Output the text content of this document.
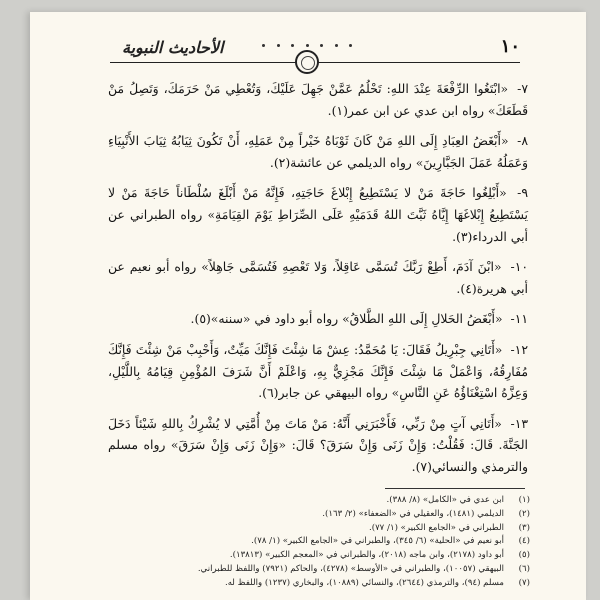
١٠
الأحاديث النبوية

٧- «ابْتَغُوا الرِّفْعَةَ عِنْدَ اللهِ: تَحْلُمُ عَمَّنْ جَهِلَ عَلَيْكَ، وَتُعْطِي مَنْ حَرَمَكَ، وَتَصِلُ مَنْ قَطَعَكَ» رواه ابن عدي عن ابن عمر(١).

٨- «أَبْغَضُ العِبَادِ إِلَى اللهِ مَنْ كَانَ ثَوْبَاهُ خَيْراً مِنْ عَمَلِهِ، أَنْ تَكُونَ ثِيَابُهُ ثِيَابَ الأَنْبِيَاءِ وَعَمَلُهُ عَمَلَ الجَبَّارِينَ» رواه الديلمي عن عائشة(٢).

٩- «أَبْلِغُوا حَاجَةَ مَنْ لا يَسْتَطِيعُ إِبْلاغَ حَاجَتِهِ، فَإِنَّهُ مَنْ أَبْلَغَ سُلْطَاناً حَاجَةَ مَنْ لا يَسْتَطِيعُ إِبْلاغَهَا إِيَّاهُ ثَبَّتَ اللهُ قَدَمَيْهِ عَلَى الصِّرَاطِ يَوْمَ القِيَامَةِ» رواه الطبراني عن أبي الدرداء(٣).

١٠- «ابْنَ آدَمَ، أَطِعْ رَبَّكَ تُسَمَّى عَاقِلاً، وَلا تَعْصِهِ فَتُسَمَّى جَاهِلاً» رواه أبو نعيم عن أبي هريرة(٤).

١١- «أَبْغَضُ الحَلالِ إِلَى اللهِ الطَّلاقُ» رواه أبو داود في «سننه»(٥).

١٢- «أَتَانِي جِبْرِيلُ فَقَالَ: يَا مُحَمَّدُ: عِشْ مَا شِئْتَ فَإِنَّكَ مَيِّتٌ، وَأَحْبِبْ مَنْ شِئْتَ فَإِنَّكَ مُفَارِقُهُ، وَاعْمَلْ مَا شِئْتَ فَإِنَّكَ مَجْزِيٌّ بِهِ، وَاعْلَمْ أَنَّ شَرَفَ المُؤْمِنِ قِيَامُهُ بِاللَّيْلِ، وَعِزَّهُ اسْتِغْنَاؤُهُ عَنِ النَّاسِ» رواه البيهقي عن جابر(٦).

١٣- «أَتَانِي آتٍ مِنْ رَبِّي، فَأَخْبَرَنِي أَنَّهُ: مَنْ مَاتَ مِنْ أُمَّتِي لا يُشْرِكُ بِاللهِ شَيْئاً دَخَلَ الجَنَّةَ. قَالَ: فَقُلْتُ: وَإِنْ زَنَى وَإِنْ سَرَقَ؟ قَالَ: «وَإِنْ زَنَى وَإِنْ سَرَقَ» رواه مسلم والترمذي والنسائي(٧).

(١)ابن عدي في «الكامل» (٨/ ٣٨٨).
(٢)الديلمي (١٤٨١)، والعقيلي في «الضعفاء» (٢/ ١٦٣).
(٣)الطبراني في «الجامع الكبير» (١/ ٧٧).
(٤)أبو نعيم في «الحلية» (٦/ ٣٤٥)، والطبراني في «الجامع الكبير» (١/ ٧٨).
(٥)أبو داود (٢١٧٨)، وابن ماجه (٢٠١٨)، والطبراني في «المعجم الكبير» (١٣٨١٣).
(٦)البيهقي (١٠٠٥٧)، والطبراني في «الأوسط» (٤٢٧٨)، والحاكم (٧٩٢١) واللفظ للطبراني.
(٧)مسلم (٩٤)، والترمذي (٢٦٤٤)، والنسائي (١٠٨٨٩)، والبخاري (١٢٣٧) واللفظ له.
